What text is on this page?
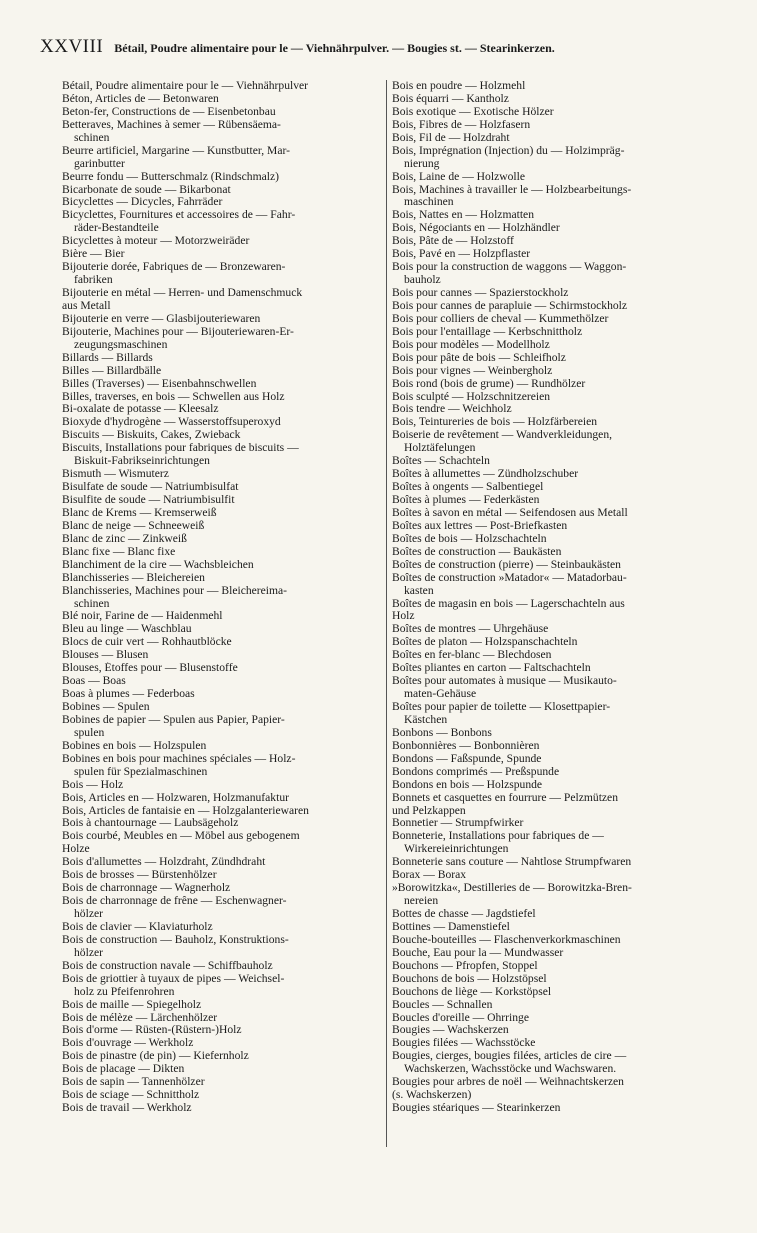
XXVIII Bétail, Poudre alimentaire pour le — Viehnährpulver. — Bougies st. — Stearinkerzen.
Bétail, Poudre alimentaire pour le — Viehnährpulver
Béton, Articles de — Betonwaren
Beton-fer, Constructions de — Eisenbetonbau
Betteraves, Machines à semer — Rübensäema-
schinen
Beurre artificiel, Margarine — Kunstbutter, Mar-
garinbutter
Beurre fondu — Butterschmalz (Rindschmalz)
Bicarbonate de soude — Bikarbonat
Bicyclettes — Dicycles, Fahrräder
Bicyclettes, Fournitures et accessoires de — Fahr-
räder-Bestandteile
Bicyclettes à moteur — Motorzweiräder
Bière — Bier
Bijouterie dorée, Fabriques de — Bronzewaren-
fabriken
Bijouterie en métal — Herren- und Damenschmuck
aus Metall
Bijouterie en verre — Glasbijouteriewaren
Bijouterie, Machines pour — Bijouteriewaren-Er-
zeugungsmaschinen
Billards — Billards
Billes — Billardbälle
Billes (Traverses) — Eisenbahnschwellen
Billes, traverses, en bois — Schwellen aus Holz
Bi-oxalate de potasse — Kleesalz
Bioxyde d'hydrogène — Wasserstoffsuperoxyd
Biscuits — Biskuits, Cakes, Zwieback
Biscuits, Installations pour fabriques de biscuits —
Biskuit-Fabrikseinrichtungen
Bismuth — Wismuterz
Bisulfate de soude — Natriumbisulfat
Bisulfite de soude — Natriumbisulfit
Blanc de Krems — Kremserweiß
Blanc de neige — Schneeweiß
Blanc de zinc — Zinkweiß
Blanc fixe — Blanc fixe
Blanchiment de la cire — Wachsbleichen
Blanchisseries — Bleichereien
Blanchisseries, Machines pour — Bleichereima-
schinen
Blé noir, Farine de — Haidenmehl
Bleu au linge — Waschblau
Blocs de cuir vert — Rohhautblöcke
Blouses — Blusen
Blouses, Étoffes pour — Blusenstoffe
Boas — Boas
Boas à plumes — Federboas
Bobines — Spulen
Bobines de papier — Spulen aus Papier, Papier-
spulen
Bobines en bois — Holzspulen
Bobines en bois pour machines spéciales — Holz-
spulen für Spezialmaschinen
Bois — Holz
Bois, Articles en — Holzwaren, Holzmanufaktur
Bois, Articles de fantaisie en — Holzgalanteriewaren
Bois à chantournage — Laubsägeholz
Bois courbé, Meubles en — Möbel aus gebogenem
Holze
Bois d'allumettes — Holzdraht, Zündhdraht
Bois de brosses — Bürstenhölzer
Bois de charronnage — Wagnerholz
Bois de charronnage de frêne — Eschenwagner-
hölzer
Bois de clavier — Klaviaturholz
Bois de construction — Bauholz, Konstruktions-
hölzer
Bois de construction navale — Schiffbauholz
Bois de griottier à tuyaux de pipes — Weichsel-
holz zu Pfeifenrohren
Bois de maille — Spiegelholz
Bois de mélèze — Lärchenhölzer
Bois d'orme — Rüsten-(Rüstern-)Holz
Bois d'ouvrage — Werkholz
Bois de pinastre (de pin) — Kiefernholz
Bois de placage — Dikten
Bois de sapin — Tannenhölzer
Bois de sciage — Schnittholz
Bois de travail — Werkholz
Bois en poudre — Holzmehl
Bois équarri — Kantholz
Bois exotique — Exotische Hölzer
Bois, Fibres de — Holzfasern
Bois, Fil de — Holzdraht
Bois, Imprégnation (Injection) du — Holzimpräg-
nierung
Bois, Laine de — Holzwolle
Bois, Machines à travailler le — Holzbearbeitungs-
maschinen
Bois, Nattes en — Holzmatten
Bois, Négociants en — Holzhändler
Bois, Pâte de — Holzstoff
Bois, Pavé en — Holzpflaster
Bois pour la construction de waggons — Waggon-
bauholz
Bois pour cannes — Spazierstockholz
Bois pour cannes de parapluie — Schirmstockholz
Bois pour colliers de cheval — Kummethölzer
Bois pour l'entaillage — Kerbschnittholz
Bois pour modèles — Modellholz
Bois pour pâte de bois — Schleifholz
Bois pour vignes — Weinbergholz
Bois rond (bois de grume) — Rundhölzer
Bois sculpté — Holzschnitzereien
Bois tendre — Weichholz
Bois, Teintureries de bois — Holzfärbereien
Boiserie de revêtement — Wandverkleidungen,
Holztäfelungen
Boîtes — Schachteln
Boîtes à allumettes — Zündholzschuber
Boîtes à ongents — Salbentiegel
Boîtes à plumes — Federkästen
Boîtes à savon en métal — Seifendosen aus Metall
Boîtes aux lettres — Post-Briefkasten
Boîtes de bois — Holzschachteln
Boîtes de construction — Baukästen
Boîtes de construction (pierre) — Steinbaukästen
Boîtes de construction »Matador« — Matadorbau-
kasten
Boîtes de magasin en bois — Lagerschachteln aus
Holz
Boîtes de montres — Uhrgehäuse
Boîtes de platon — Holzspanschachteln
Boîtes en fer-blanc — Blechdosen
Boîtes pliantes en carton — Faltschachteln
Boîtes pour automates à musique — Musikauto-
maten-Gehäuse
Boîtes pour papier de toilette — Klosettpapier-
Kästchen
Bonbons — Bonbons
Bonbonnières — Bonbonnièren
Bondons — Faßspunde, Spunde
Bondons comprimés — Preßspunde
Bondons en bois — Holzspunde
Bonnets et casquettes en fourrure — Pelzmützen
und Pelzkappen
Bonnetier — Strumpfwirker
Bonneterie, Installations pour fabriques de —
Wirkereieinrichtungen
Bonneterie sans couture — Nahtlose Strumpfwaren
Borax — Borax
»Borowitzka«, Destilleries de — Borowitzka-Bren-
nereien
Bottes de chasse — Jagdstiefel
Bottines — Damenstiefel
Bouche-bouteilles — Flaschenverkorkmaschinen
Bouche, Eau pour la — Mundwasser
Bouchons — Pfropfen, Stoppel
Bouchons de bois — Holzstöpsel
Bouchons de liège — Korkstöpsel
Boucles — Schnallen
Boucles d'oreille — Ohrringe
Bougies — Wachskerzen
Bougies filées — Wachsstöcke
Bougies, cierges, bougies filées, articles de cire —
Wachskerzen, Wachsstöcke und Wachswaren.
Bougies pour arbres de noël — Weihnachtskerzen
(s. Wachskerzen)
Bougies stéariques — Stearinkerzen
